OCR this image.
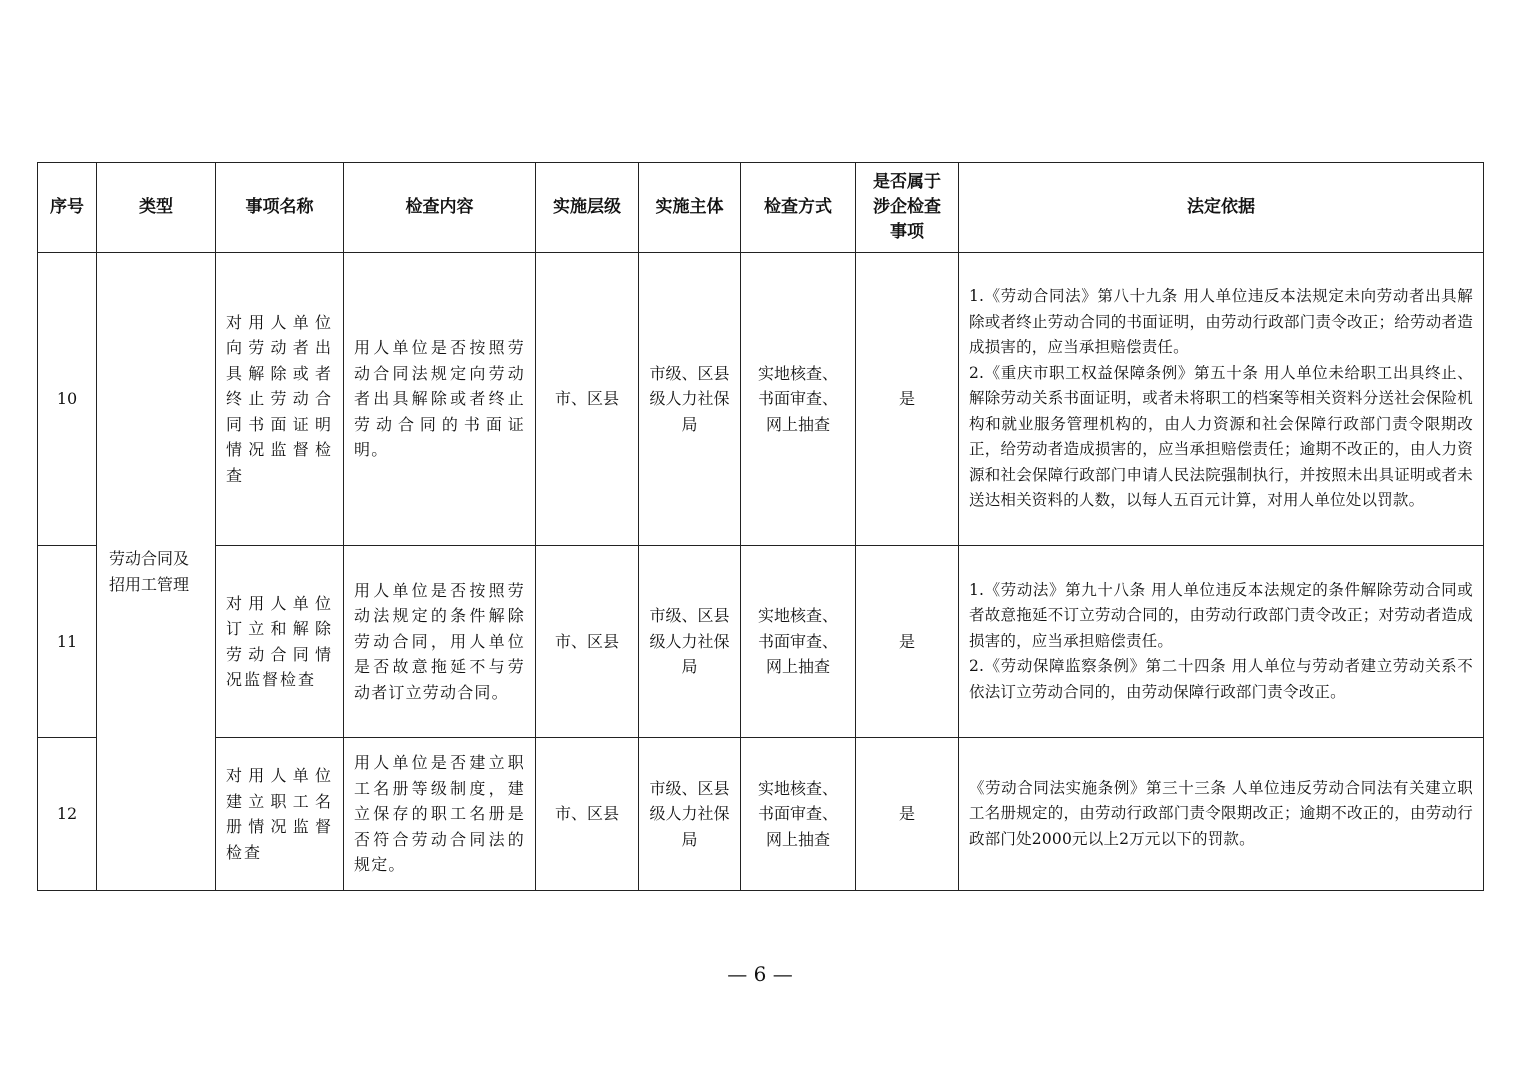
序号	类型	事项名称	检查内容	实施层级	实施主体	检查方式	是否属于涉企检查事项	法定依据
10	劳动合同及招用工管理	对用人单位向劳动者出具解除或者终止劳动合同书面证明情况监督检查	用人单位是否按照劳动合同法规定向劳动者出具解除或者终止劳动合同的书面证明。	市、区县	市级、区县级人力社保局	实地核查、书面审查、网上抽查	是	1.《劳动合同法》第八十九条 用人单位违反本法规定未向劳动者出具解除或者终止劳动合同的书面证明，由劳动行政部门责令改正；给劳动者造成损害的，应当承担赔偿责任。
2.《重庆市职工权益保障条例》第五十条 用人单位未给职工出具终止、解除劳动关系书面证明，或者未将职工的档案等相关资料分送社会保险机构和就业服务管理机构的，由人力资源和社会保障行政部门责令限期改正，给劳动者造成损害的，应当承担赔偿责任；逾期不改正的，由人力资源和社会保障行政部门申请人民法院强制执行，并按照未出具证明或者未送达相关资料的人数，以每人五百元计算，对用人单位处以罚款。

11		对用人单位订立和解除劳动合同情况监督检查	用人单位是否按照劳动法规定的条件解除劳动合同，用人单位是否故意拖延不与劳动者订立劳动合同。	市、区县	市级、区县级人力社保局	实地核查、书面审查、网上抽查	是	1.《劳动法》第九十八条 用人单位违反本法规定的条件解除劳动合同或者故意拖延不订立劳动合同的，由劳动行政部门责令改正；对劳动者造成损害的，应当承担赔偿责任。
2.《劳动保障监察条例》第二十四条 用人单位与劳动者建立劳动关系不依法订立劳动合同的，由劳动保障行政部门责令改正。

12		对用人单位建立职工名册情况监督检查	用人单位是否建立职工名册等级制度，建立保存的职工名册是否符合劳动合同法的规定。	市、区县	市级、区县级人力社保局	实地核查、书面审查、网上抽查	是	《劳动合同法实施条例》第三十三条 人单位违反劳动合同法有关建立职工名册规定的，由劳动行政部门责令限期改正；逾期不改正的，由劳动行政部门处2000元以上2万元以下的罚款。
— 6 —
